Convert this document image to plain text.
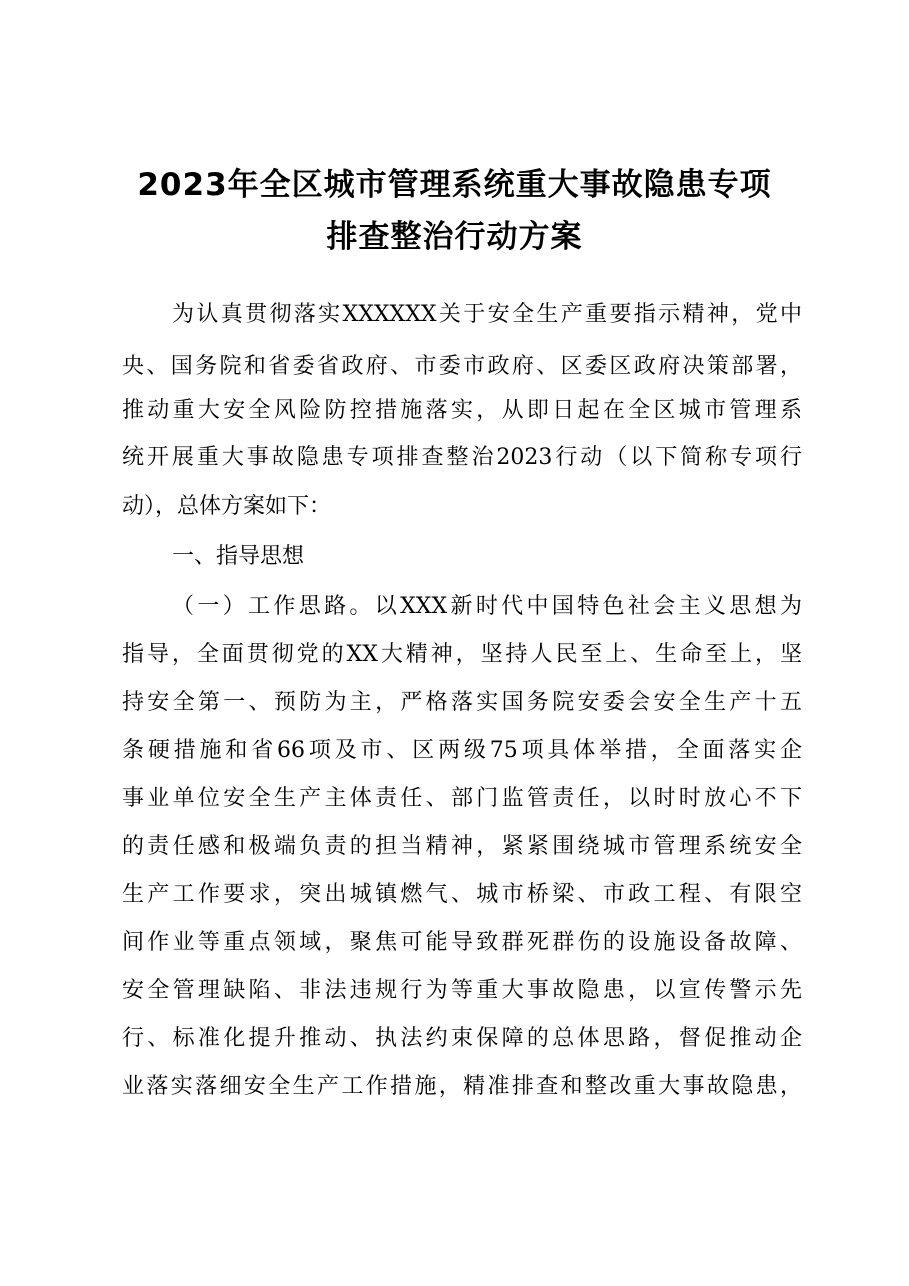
2023年全区城市管理系统重大事故隐患专项
排查整治行动方案
为认真贯彻落实XXXXXX关于安全生产重要指示精神，党中
央、国务院和省委省政府、市委市政府、区委区政府决策部署，
推动重大安全风险防控措施落实，从即日起在全区城市管理系
统开展重大事故隐患专项排查整治2023行动（以下简称专项行
动），总体方案如下：
一、指导思想
（一）工作思路。以XXX新时代中国特色社会主义思想为
指导，全面贯彻党的XX大精神，坚持人民至上、生命至上，坚
持安全第一、预防为主，严格落实国务院安委会安全生产十五
条硬措施和省66项及市、区两级75项具体举措，全面落实企
事业单位安全生产主体责任、部门监管责任，以时时放心不下
的责任感和极端负责的担当精神，紧紧围绕城市管理系统安全
生产工作要求，突出城镇燃气、城市桥梁、市政工程、有限空
间作业等重点领域，聚焦可能导致群死群伤的设施设备故障、
安全管理缺陷、非法违规行为等重大事故隐患，以宣传警示先
行、标准化提升推动、执法约束保障的总体思路，督促推动企
业落实落细安全生产工作措施，精准排查和整改重大事故隐患，
